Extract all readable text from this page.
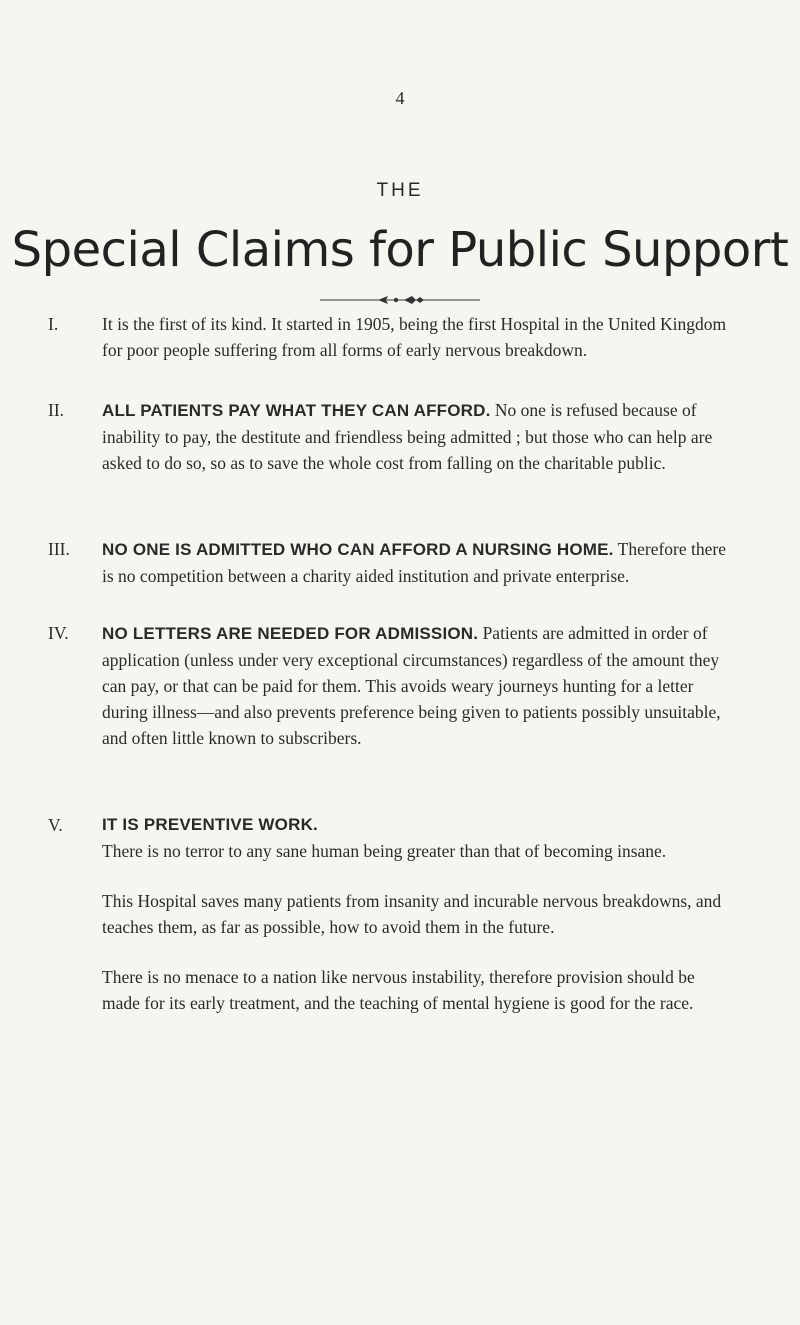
4
THE
Special Claims for Public Support
I.	It is the first of its kind. It started in 1905, being the first Hospital in the United Kingdom for poor people suffering from all forms of early nervous breakdown.

II.	ALL PATIENTS PAY WHAT THEY CAN AFFORD. No one is refused because of inability to pay, the destitute and friendless being admitted ; but those who can help are asked to do so, so as to save the whole cost from falling on the charitable public.

III.	NO ONE IS ADMITTED WHO CAN AFFORD A NURSING HOME. Therefore there is no competition between a charity aided institution and private enterprise.

IV.	NO LETTERS ARE NEEDED FOR ADMISSION. Patients are admitted in order of application (unless under very exceptional circumstances) regardless of the amount they can pay, or that can be paid for them. This avoids weary journeys hunting for a letter during illness—and also prevents preference being given to patients possibly unsuitable, and often little known to subscribers.

V.	IT IS PREVENTIVE WORK.

There is no terror to any sane human being greater than that of becoming insane.

This Hospital saves many patients from insanity and incurable nervous breakdowns, and teaches them, as far as possible, how to avoid them in the future.

There is no menace to a nation like nervous instability, therefore provision should be made for its early treatment, and the teaching of mental hygiene is good for the race.
